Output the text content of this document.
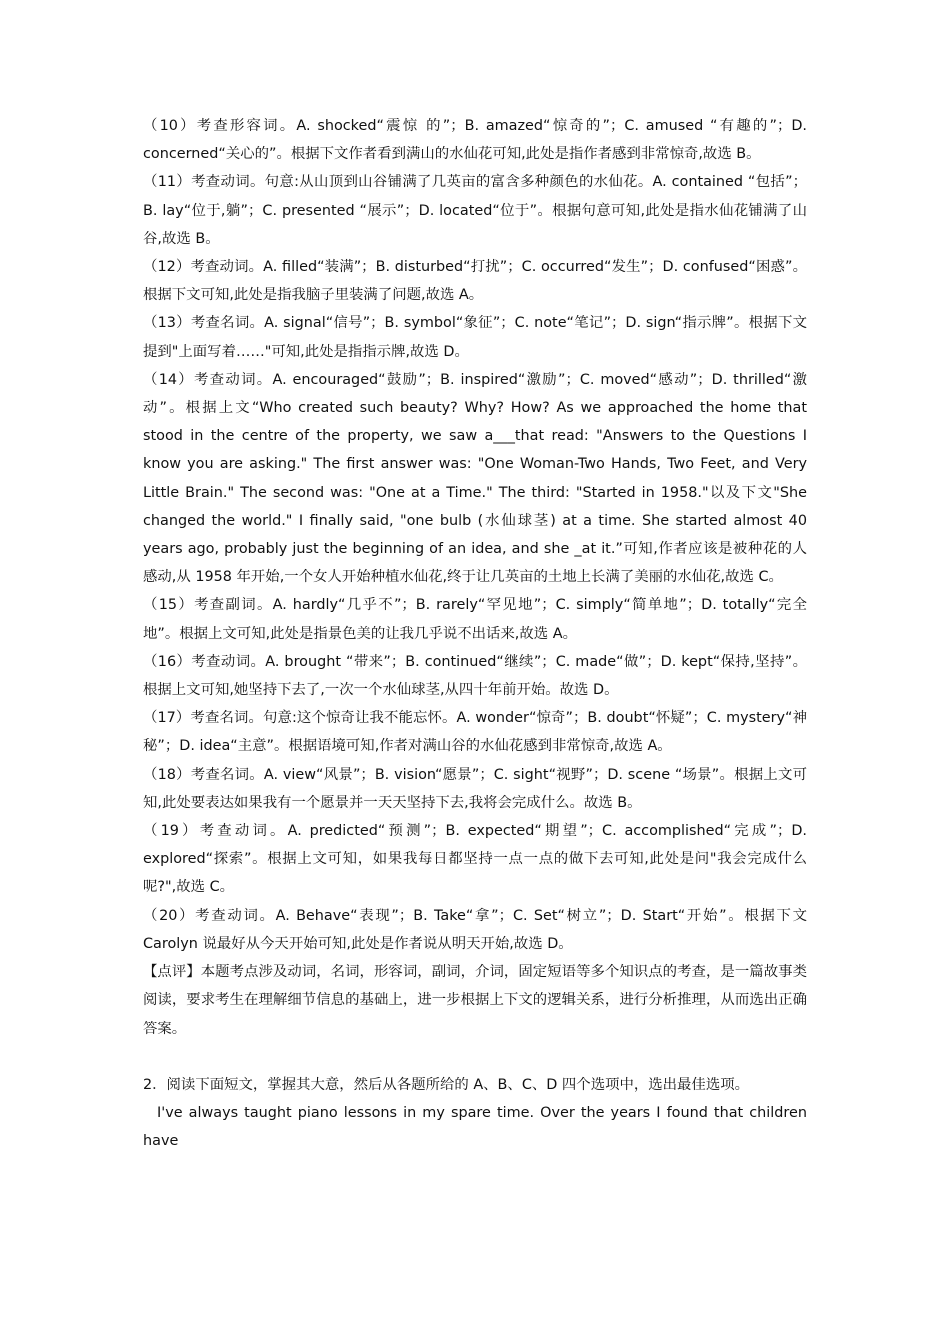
（10）考查形容词。A. shocked“震惊 的”；B. amazed“惊奇的”；C. amused “有趣的”；D. concerned“关心的”。根据下文作者看到满山的水仙花可知,此处是指作者感到非常惊奇,故选 B。

（11）考查动词。句意:从山顶到山谷铺满了几英亩的富含多种颜色的水仙花。A. contained “包括”；B. lay“位于,躺”；C. presented “展示”；D. located“位于”。根据句意可知,此处是指水仙花铺满了山谷,故选 B。

（12）考查动词。A. filled“装满”；B. disturbed“打扰”；C. occurred“发生”；D. confused“困惑”。根据下文可知,此处是指我脑子里装满了问题,故选 A。

（13）考查名词。A. signal“信号”；B. symbol“象征”；C. note“笔记”；D. sign“指示牌”。根据下文提到"上面写着……"可知,此处是指指示牌,故选 D。

（14）考查动词。A. encouraged“鼓励”；B. inspired“激励”；C. moved“感动”；D. thrilled“激动”。根据上文“Who created such beauty? Why? How? As we approached the home that stood in the centre of the property, we saw a___that read: "Answers to the Questions I know you are asking." The first answer was: "One Woman-Two Hands, Two Feet, and Very Little Brain." The second was: "One at a Time." The third: "Started in 1958."以及下文"She changed the world." I finally said, "one bulb (水仙球茎) at a time. She started almost 40 years ago, probably just the beginning of an idea, and she _at it.”可知,作者应该是被种花的人感动,从 1958 年开始,一个女人开始种植水仙花,终于让几英亩的土地上长满了美丽的水仙花,故选 C。

（15）考查副词。A. hardly“几乎不”；B. rarely“罕见地”；C. simply“简单地”；D. totally“完全地”。根据上文可知,此处是指景色美的让我几乎说不出话来,故选 A。

（16）考查动词。A. brought “带来”；B. continued“继续”；C. made“做”；D. kept“保持,坚持”。根据上文可知,她坚持下去了,一次一个水仙球茎,从四十年前开始。故选 D。

（17）考查名词。句意:这个惊奇让我不能忘怀。A. wonder“惊奇”；B. doubt“怀疑”；C. mystery“神秘”；D. idea“主意”。根据语境可知,作者对满山谷的水仙花感到非常惊奇,故选 A。

（18）考查名词。A. view“风景”；B. vision“愿景”；C. sight“视野”；D. scene “场景”。根据上文可知,此处要表达如果我有一个愿景并一天天坚持下去,我将会完成什么。故选 B。

（19）考查动词。A. predicted“预测”；B. expected“期望”；C. accomplished“完成”；D. explored“探索”。根据上文可知，如果我每日都坚持一点一点的做下去可知,此处是问"我会完成什么呢?",故选 C。

（20）考查动词。A. Behave“表现”；B. Take“拿”；C. Set“树立”；D. Start“开始”。根据下文 Carolyn 说最好从今天开始可知,此处是作者说从明天开始,故选 D。

【点评】本题考点涉及动词，名词，形容词，副词，介词，固定短语等多个知识点的考查，是一篇故事类阅读，要求考生在理解细节信息的基础上，进一步根据上下文的逻辑关系，进行分析推理，从而选出正确答案。

2．阅读下面短文，掌握其大意，然后从各题所给的 A、B、C、D 四个选项中，选出最佳选项。

I've always taught piano lessons in my spare time. Over the years I found that children have
